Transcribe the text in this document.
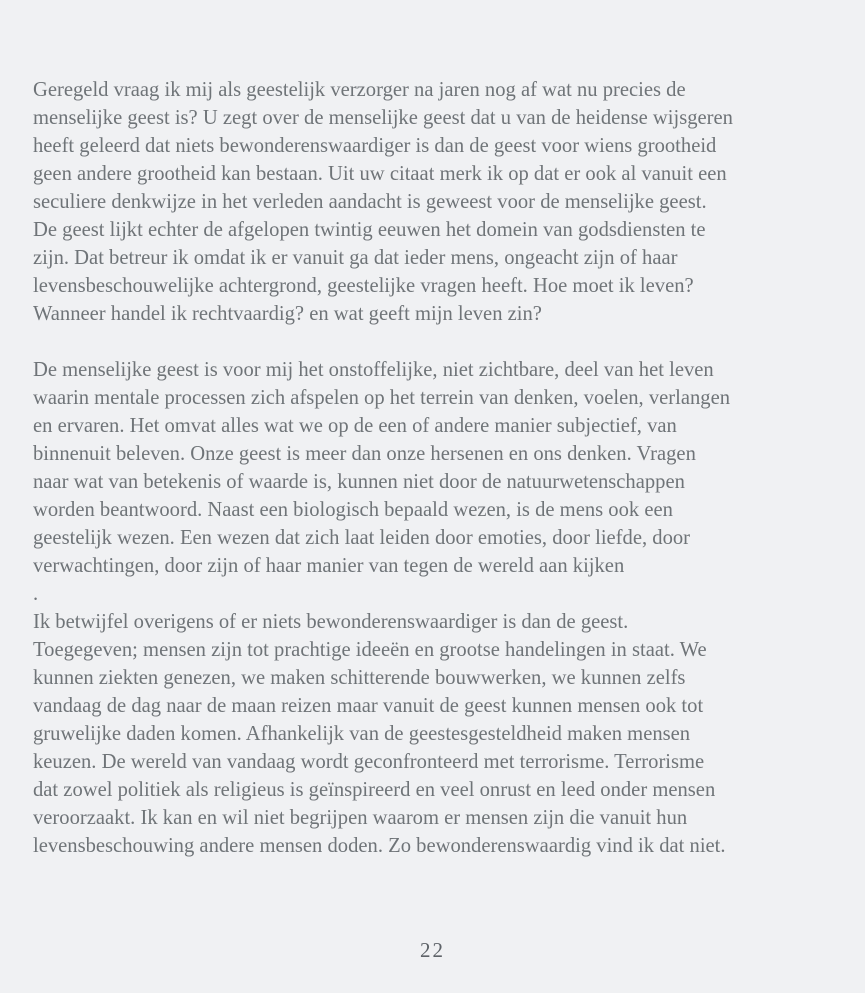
Geregeld vraag ik mij als geestelijk verzorger na jaren nog af wat nu precies de
menselijke geest is? U zegt over de menselijke geest dat u van de heidense wijsgeren
heeft geleerd dat niets bewonderenswaardiger is dan de geest voor wiens grootheid
geen andere grootheid kan bestaan. Uit uw citaat merk ik op dat er ook al vanuit een
seculiere denkwijze in het verleden aandacht is geweest voor de menselijke geest.
De geest lijkt echter de afgelopen twintig eeuwen het domein van godsdiensten te
zijn. Dat betreur ik omdat ik er vanuit ga dat ieder mens, ongeacht zijn of haar
levensbeschouwelijke achtergrond, geestelijke vragen heeft. Hoe moet ik leven?
Wanneer handel ik rechtvaardig? en wat geeft mijn leven zin?

De menselijke geest is voor mij het onstoffelijke, niet zichtbare, deel van het leven
waarin mentale processen zich afspelen op het terrein van denken, voelen, verlangen
en ervaren. Het omvat alles wat we op de een of andere manier subjectief, van
binnenuit beleven. Onze geest is meer dan onze hersenen en ons denken. Vragen
naar wat van betekenis of waarde is, kunnen niet door de natuurwetenschappen
worden beantwoord. Naast een biologisch bepaald wezen, is de mens ook een
geestelijk wezen. Een wezen dat zich laat leiden door emoties, door liefde, door
verwachtingen, door zijn of haar manier van tegen de wereld aan kijken
.

Ik betwijfel overigens of er niets bewonderenswaardiger is dan de geest.
Toegegeven; mensen zijn tot prachtige ideeën en grootse handelingen in staat. We
kunnen ziekten genezen, we maken schitterende bouwwerken, we kunnen zelfs
vandaag de dag naar de maan reizen maar vanuit de geest kunnen mensen ook tot
gruwelijke daden komen. Afhankelijk van de geestesgesteldheid maken mensen
keuzen. De wereld van vandaag wordt geconfronteerd met terrorisme. Terrorisme
dat zowel politiek als religieus is geïnspireerd en veel onrust en leed onder mensen
veroorzaakt. Ik kan en wil niet begrijpen waarom er mensen zijn die vanuit hun
levensbeschouwing andere mensen doden. Zo bewonderenswaardig vind ik dat niet.

22
